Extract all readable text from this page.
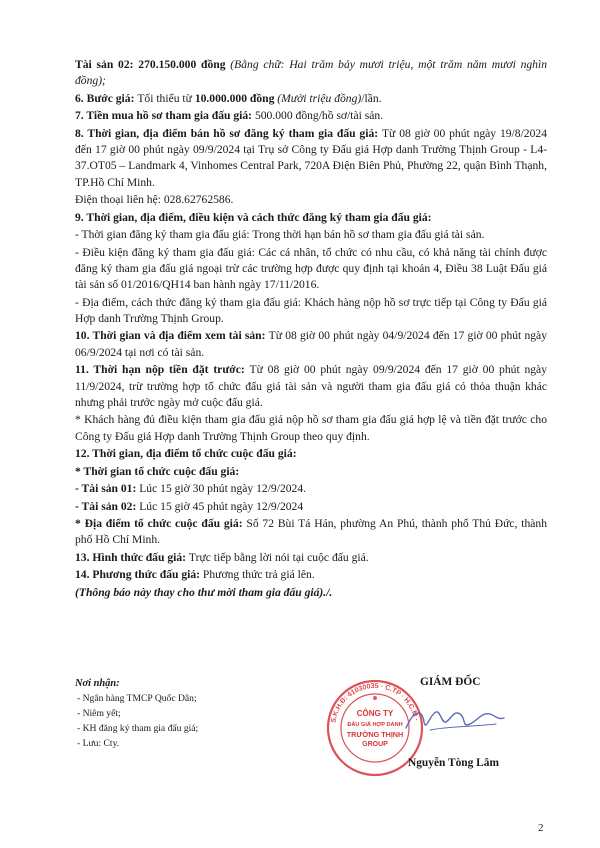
Tài sản 02: 270.150.000 đồng (Bằng chữ: Hai trăm bảy mươi triệu, một trăm năm mươi nghìn đồng);

6. Bước giá: Tối thiểu từ 10.000.000 đồng (Mười triệu đồng)/lần.

7. Tiền mua hồ sơ tham gia đấu giá: 500.000 đồng/hồ sơ/tài sản.

8. Thời gian, địa điểm bán hồ sơ đăng ký tham gia đấu giá: Từ 08 giờ 00 phút ngày 19/8/2024 đến 17 giờ 00 phút ngày 09/9/2024 tại Trụ sở Công ty Đấu giá Hợp danh Trường Thịnh Group - L4-37.OT05 – Landmark 4, Vinhomes Central Park, 720A Điện Biên Phủ, Phường 22, quận Bình Thạnh, TP.Hồ Chí Minh.

Điện thoại liên hệ: 028.62762586.

9. Thời gian, địa điểm, điều kiện và cách thức đăng ký tham gia đấu giá:

- Thời gian đăng ký tham gia đấu giá: Trong thời hạn bán hồ sơ tham gia đấu giá tài sản.

- Điều kiện đăng ký tham gia đấu giá: Các cá nhân, tổ chức có nhu cầu, có khả năng tài chính được đăng ký tham gia đấu giá ngoại trừ các trường hợp được quy định tại khoản 4, Điều 38 Luật Đấu giá tài sản số 01/2016/QH14 ban hành ngày 17/11/2016.

- Địa điểm, cách thức đăng ký tham gia đấu giá: Khách hàng nộp hồ sơ trực tiếp tại Công ty Đấu giá Hợp danh Trường Thịnh Group.

10. Thời gian và địa điểm xem tài sản: Từ 08 giờ 00 phút ngày 04/9/2024 đến 17 giờ 00 phút ngày 06/9/2024 tại nơi có tài sản.

11. Thời hạn nộp tiền đặt trước: Từ 08 giờ 00 phút ngày 09/9/2024 đến 17 giờ 00 phút ngày 11/9/2024, trừ trường hợp tổ chức đấu giá tài sản và người tham gia đấu giá có thỏa thuận khác nhưng phải trước ngày mở cuộc đấu giá.

* Khách hàng đủ điều kiện tham gia đấu giá nộp hồ sơ tham gia đấu giá hợp lệ và tiền đặt trước cho Công ty Đấu giá Hợp danh Trường Thịnh Group theo quy định.

12. Thời gian, địa điểm tổ chức cuộc đấu giá:

* Thời gian tổ chức cuộc đấu giá:

- Tài sản 01: Lúc 15 giờ 30 phút ngày 12/9/2024.

- Tài sản 02: Lúc 15 giờ 45 phút ngày 12/9/2024

* Địa điểm tổ chức cuộc đấu giá: Số 72 Bùi Tá Hán, phường An Phú, thành phố Thủ Đức, thành phố Hồ Chí Minh.

13. Hình thức đấu giá: Trực tiếp bằng lời nói tại cuộc đấu giá.

14. Phương thức đấu giá: Phương thức trả giá lên.

(Thông báo này thay cho thư mời tham gia đấu giá)./.

Nơi nhận:
- Ngân hàng TMCP Quốc Dân;
- Niêm yết;
- KH đăng ký tham gia đấu giá;
- Lưu: Cty.
S.K.H.Đ: 41030035 · C.TP · H.C.M ·
CÔNG TY
ĐẤU GIÁ HỢP DANH
TRƯỜNG THỊNH
GROUP
GIÁM ĐỐC
Nguyễn Tòng Lâm
2
